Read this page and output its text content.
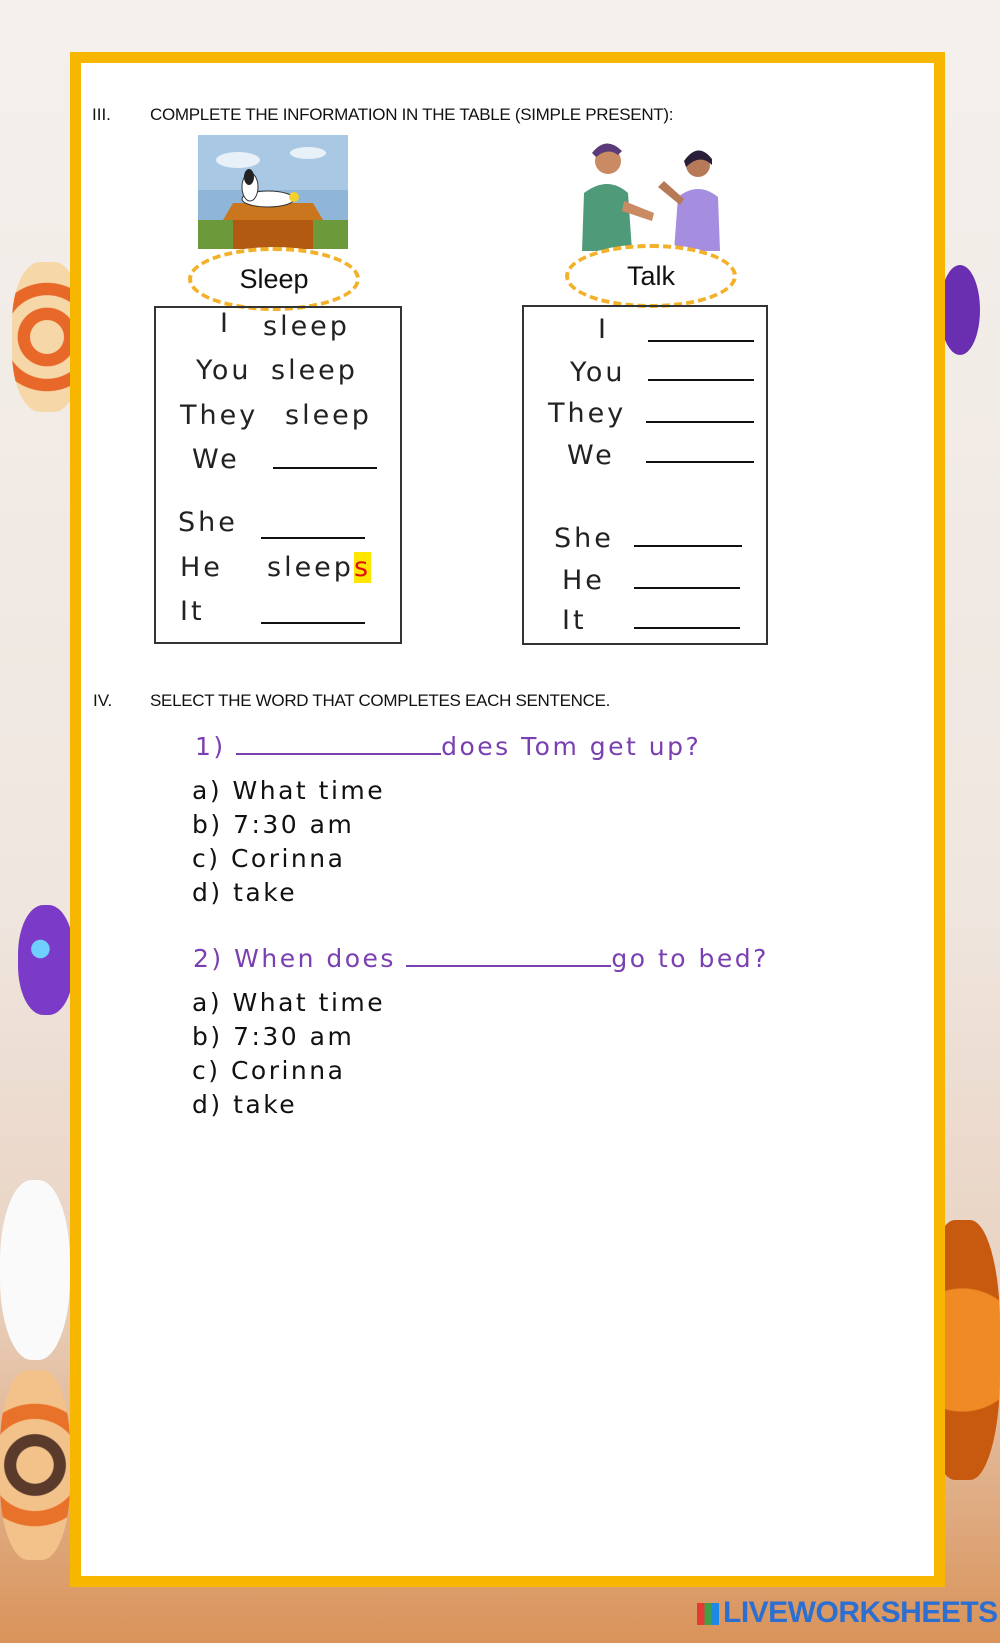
III. COMPLETE THE INFORMATION IN THE TABLE (SIMPLE PRESENT):
Sleep
I sleep
You sleep
They sleep
We
She
He sleeps
It
Talk
I
You
They
We
She
He
It
IV. SELECT THE WORD THAT COMPLETES EACH SENTENCE.
1)	does Tom get up?
a) What time
b) 7:30 am
c) Corinna
d) take
2) When does	go to bed?
a) What time
b) 7:30 am
c) Corinna
d) take
LIVEWORKSHEETS
